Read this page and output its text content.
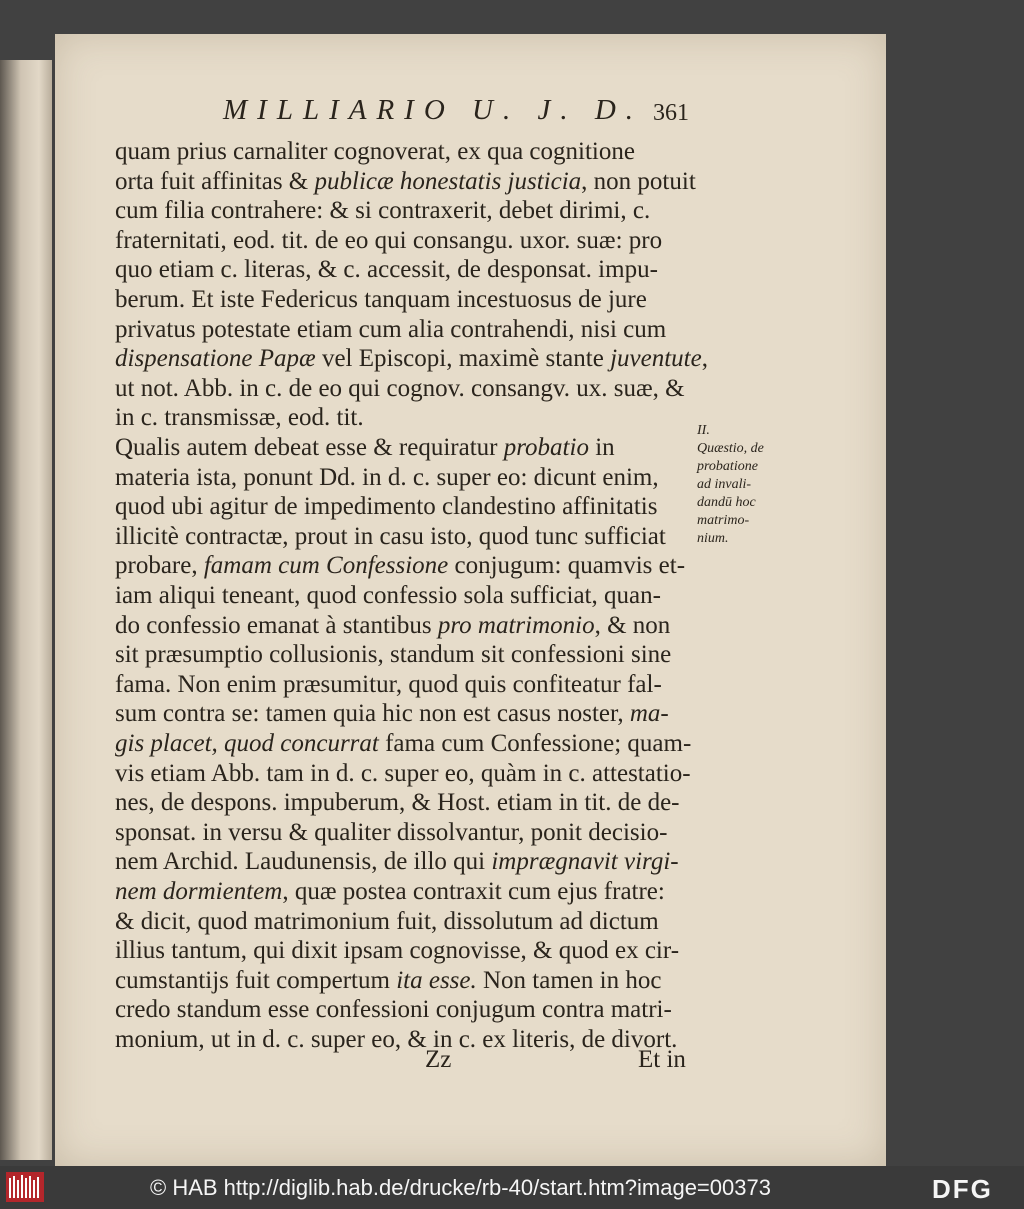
MILLIARIO U. J. D. 361
quam prius carnaliter cognoverat, ex qua cognitione
orta fuit affinitas & publicæ honestatis justicia, non potuit
cum filia contrahere: & si contraxerit, debet dirimi, c.
fraternitati, eod. tit. de eo qui consangu. uxor. suæ: pro
quo etiam c. literas, & c. accessit, de desponsat. impu-
berum. Et iste Federicus tanquam incestuosus de jure
privatus potestate etiam cum alia contrahendi, nisi cum
dispensatione Papæ vel Episcopi, maximè stante juventute,
ut not. Abb. in c. de eo qui cognov. consangv. ux. suæ, &
in c. transmissæ, eod. tit.
Qualis autem debeat esse & requiratur probatio in
materia ista, ponunt Dd. in d. c. super eo: dicunt enim,
quod ubi agitur de impedimento clandestino affinitatis
illicitè contractæ, prout in casu isto, quod tunc sufficiat
probare, famam cum Confessione conjugum: quamvis et-
iam aliqui teneant, quod confessio sola sufficiat, quan-
do confessio emanat à stantibus pro matrimonio, & non
sit præsumptio collusionis, standum sit confessioni sine
fama. Non enim præsumitur, quod quis confiteatur fal-
sum contra se: tamen quia hic non est casus noster, ma-
gis placet, quod concurrat fama cum Confessione; quam-
vis etiam Abb. tam in d. c. super eo, quàm in c. attestatio-
nes, de despons. impuberum, & Host. etiam in tit. de de-
sponsat. in versu & qualiter dissolvantur, ponit decisio-
nem Archid. Laudunensis, de illo qui imprægnavit virgi-
nem dormientem, quæ postea contraxit cum ejus fratre:
& dicit, quod matrimonium fuit, dissolutum ad dictum
illius tantum, qui dixit ipsam cognovisse, & quod ex cir-
cumstantijs fuit compertum ita esse. Non tamen in hoc
credo standum esse confessioni conjugum contra matri-
monium, ut in d. c. super eo, & in c. ex literis, de divort.
II.
Quæstio, de
probatione
ad invali-
dandū hoc
matrimo-
nium.
Zz	Et in
© HAB http://diglib.hab.de/drucke/rb-40/start.htm?image=00373	DFG
